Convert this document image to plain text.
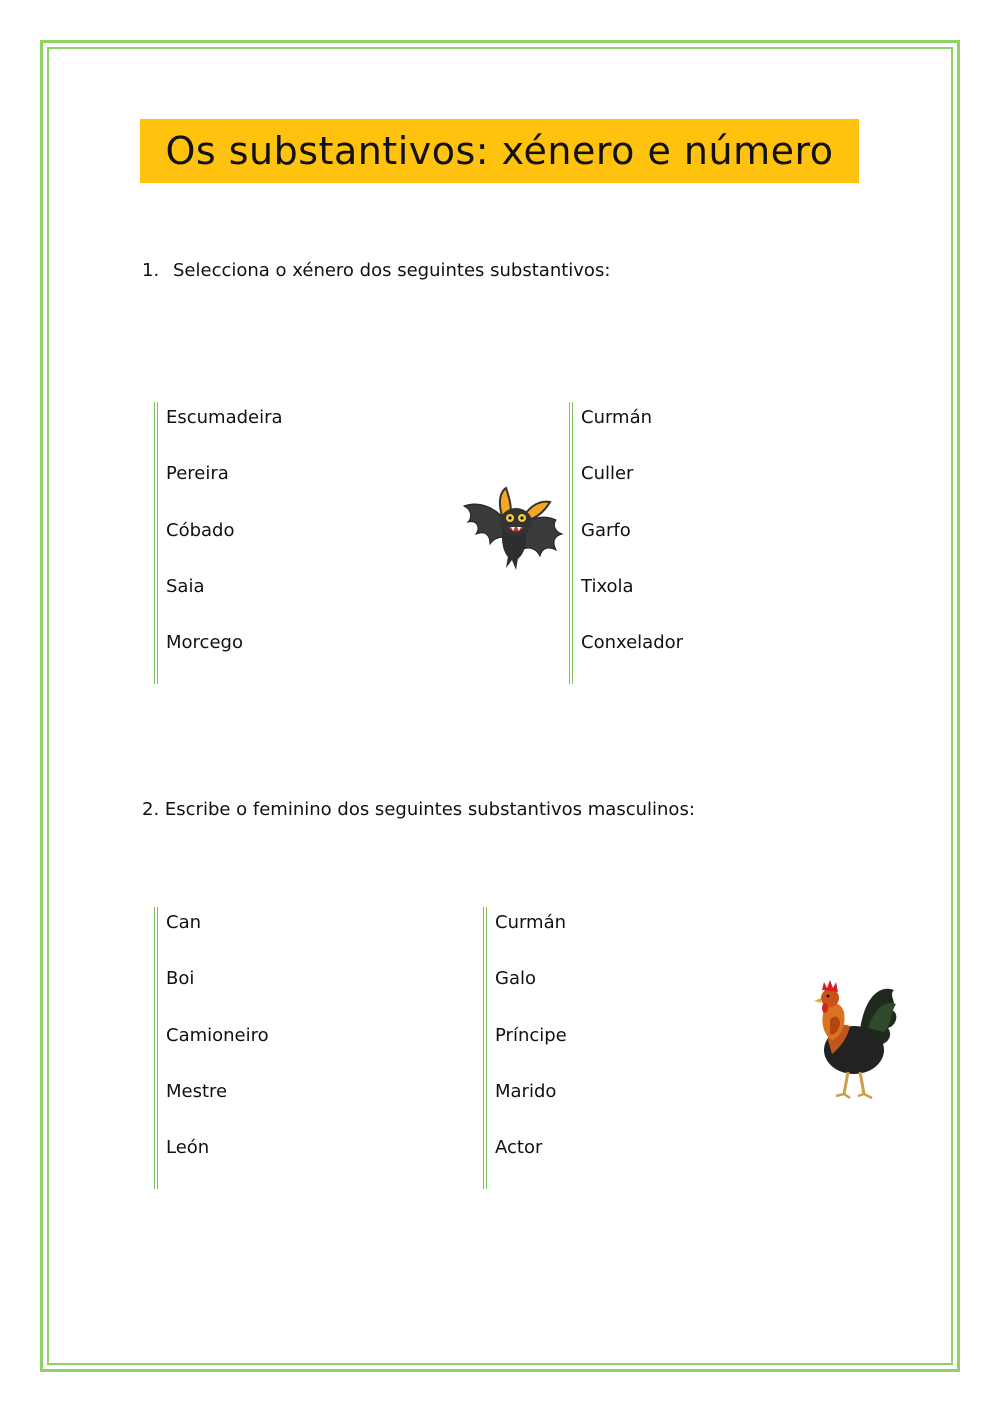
Os substantivos: xénero e número
1. Selecciona o xénero dos seguintes substantivos:
Escumadeira
Pereira
Cóbado
Saia
Morcego
Curmán
Culler
Garfo
Tixola
Conxelador
2. Escribe o feminino dos seguintes substantivos masculinos:
Can
Boi
Camioneiro
Mestre
León
Curmán
Galo
Príncipe
Marido
Actor
